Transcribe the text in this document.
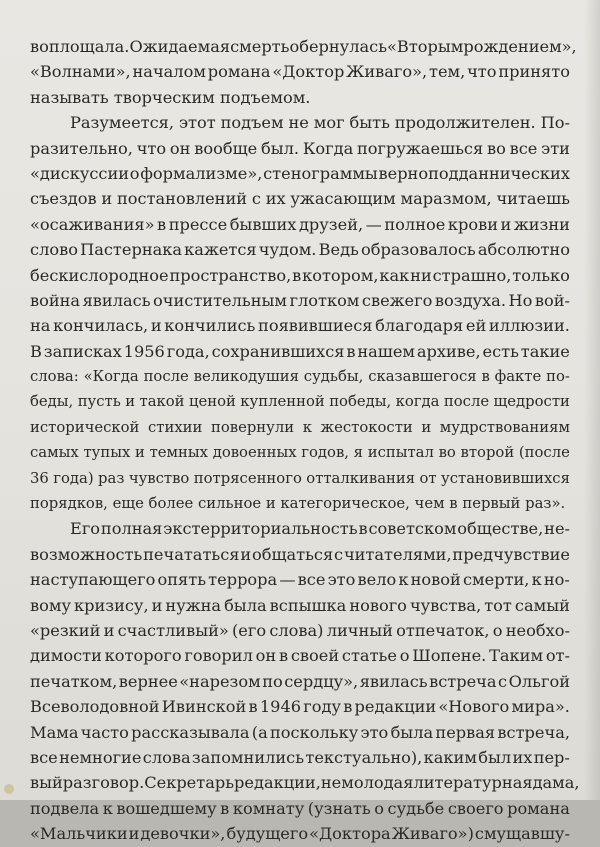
воплощала. Ожидаемая смерть обернулась «Вторым рождением»,
«Волнами», началом романа «Доктор Живаго», тем, что принято
называть творческим подъемом.
Разумеется, этот подъем не мог быть продолжителен. По-
разительно, что он вообще был. Когда погружаешься во все эти
«дискуссии о формализме», стенограммы верноподданнических
съездов и постановлений с их ужасающим маразмом, читаешь
«осаживания» в прессе бывших друзей, — полное крови и жизни
слово Пастернака кажется чудом. Ведь образовалось абсолютно
бескислородное пространство, в котором, как ни страшно, только
война явилась очистительным глотком свежего воздуха. Но вой-
на кончилась, и кончились появившиеся благодаря ей иллюзии.
В записках 1956 года, сохранившихся в нашем архиве, есть такие
слова: «Когда после великодушия судьбы, сказавшегося в факте по-
беды, пусть и такой ценой купленной победы, когда после щедрости
исторической стихии повернули к жестокости и мудрствованиям
самых тупых и темных довоенных годов, я испытал во второй (после
36 года) раз чувство потрясенного отталкивания от установившихся
порядков, еще более сильное и категорическое, чем в первый раз».
Его полная экстерриториальность в советском обществе, не-
возможность печататься и общаться с читателями, предчувствие
наступающего опять террора — все это вело к новой смерти, к но-
вому кризису, и нужна была вспышка нового чувства, тот самый
«резкий и счастливый» (его слова) личный отпечаток, о необхо-
димости которого говорил он в своей статье о Шопене. Таким от-
печатком, вернее «нарезом по сердцу», явилась встреча с Ольгой
Всеволодовной Ивинской в 1946 году в редакции «Нового мира».
Мама часто рассказывала (а поскольку это была первая встреча,
все немногие слова запомнились текстуально), каким был их пер-
вый разговор. Секретарь редакции, немолодая литературная дама,
подвела к вошедшему в комнату (узнать о судьбе своего романа
«Мальчики и девочки», будущего «Доктора Живаго») смущавшу-
